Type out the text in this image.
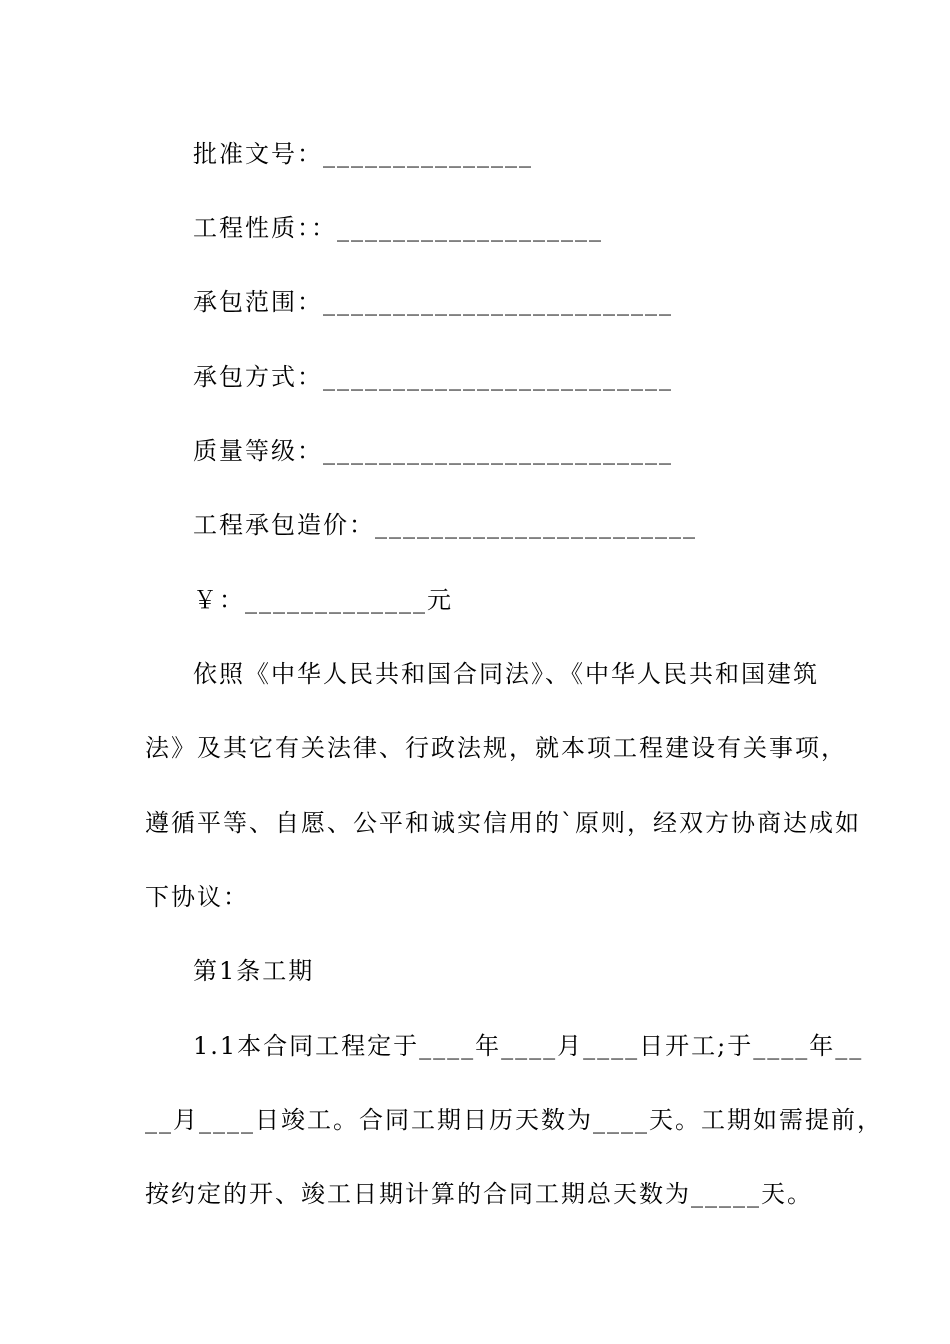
批准文号：_______________
工程性质：：___________________
承包范围：_________________________
承包方式：_________________________
质量等级：_________________________
工程承包造价：_______________________
￥：_____________元
依照《中华人民共和国合同法》、《中华人民共和国建筑
法》及其它有关法律、行政法规，就本项工程建设有关事项，
遵循平等、自愿、公平和诚实信用的`原则，经双方协商达成如
下协议：
第1条工期
1.1本合同工程定于____年____月____日开工;于____年__
__月____日竣工。合同工期日历天数为____天。工期如需提前，
按约定的开、竣工日期计算的合同工期总天数为_____天。
